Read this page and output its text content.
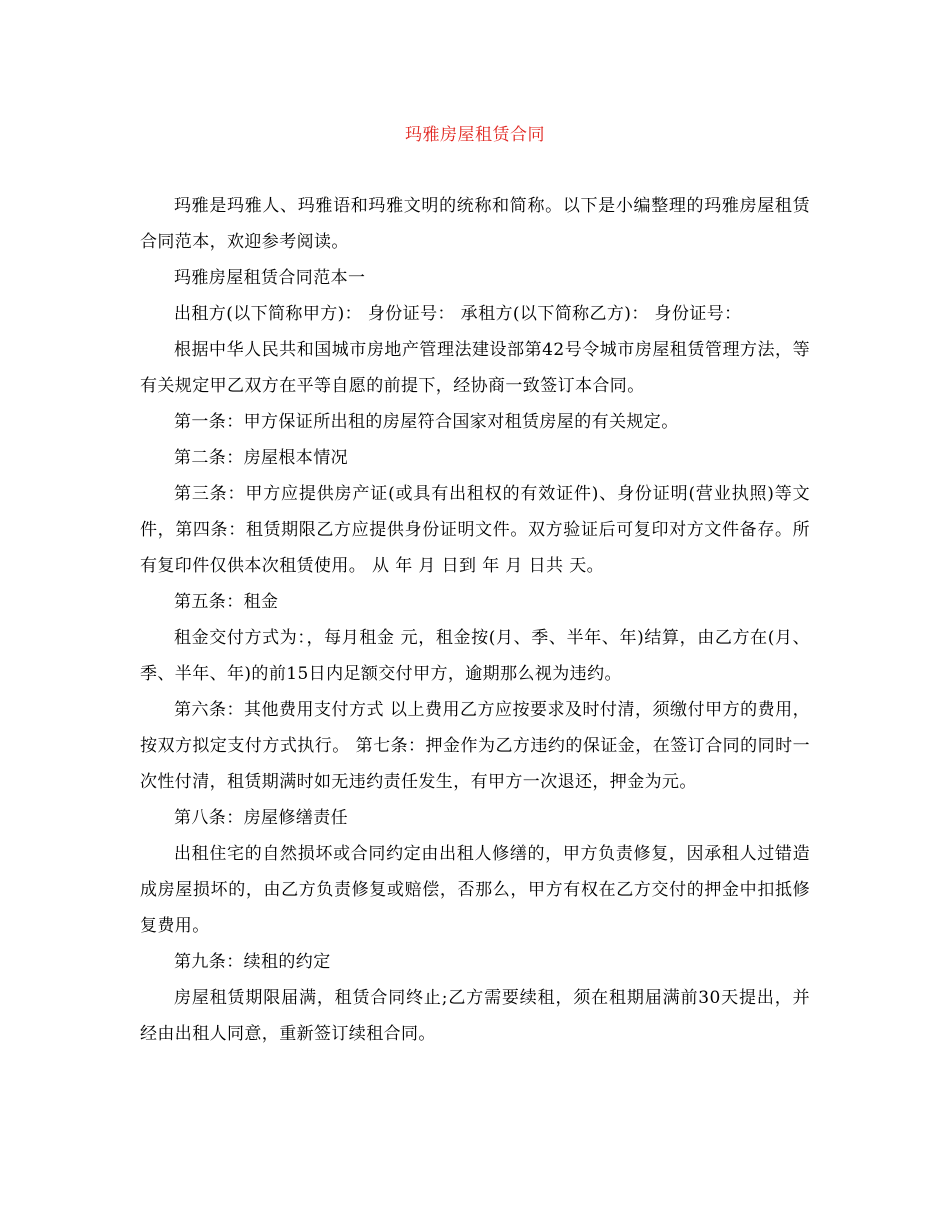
玛雅房屋租赁合同

玛雅是玛雅人、玛雅语和玛雅文明的统称和简称。以下是小编整理的玛雅房屋租赁合同范本，欢迎参考阅读。

玛雅房屋租赁合同范本一

出租方(以下简称甲方)： 身份证号： 承租方(以下简称乙方)： 身份证号：

根据中华人民共和国城市房地产管理法建设部第42号令城市房屋租赁管理方法，等有关规定甲乙双方在平等自愿的前提下，经协商一致签订本合同。

第一条：甲方保证所出租的房屋符合国家对租赁房屋的有关规定。

第二条：房屋根本情况

第三条：甲方应提供房产证(或具有出租权的有效证件)、身份证明(营业执照)等文件，第四条：租赁期限乙方应提供身份证明文件。双方验证后可复印对方文件备存。所有复印件仅供本次租赁使用。 从 年 月 日到 年 月 日共 天。

第五条：租金

租金交付方式为：，每月租金 元，租金按(月、季、半年、年)结算，由乙方在(月、季、半年、年)的前15日内足额交付甲方，逾期那么视为违约。

第六条：其他费用支付方式 以上费用乙方应按要求及时付清，须缴付甲方的费用，按双方拟定支付方式执行。 第七条：押金作为乙方违约的保证金，在签订合同的同时一次性付清，租赁期满时如无违约责任发生，有甲方一次退还，押金为元。

第八条：房屋修缮责任

出租住宅的自然损坏或合同约定由出租人修缮的，甲方负责修复，因承租人过错造成房屋损坏的，由乙方负责修复或赔偿，否那么，甲方有权在乙方交付的押金中扣抵修复费用。

第九条：续租的约定

房屋租赁期限届满，租赁合同终止;乙方需要续租，须在租期届满前30天提出，并经由出租人同意，重新签订续租合同。
